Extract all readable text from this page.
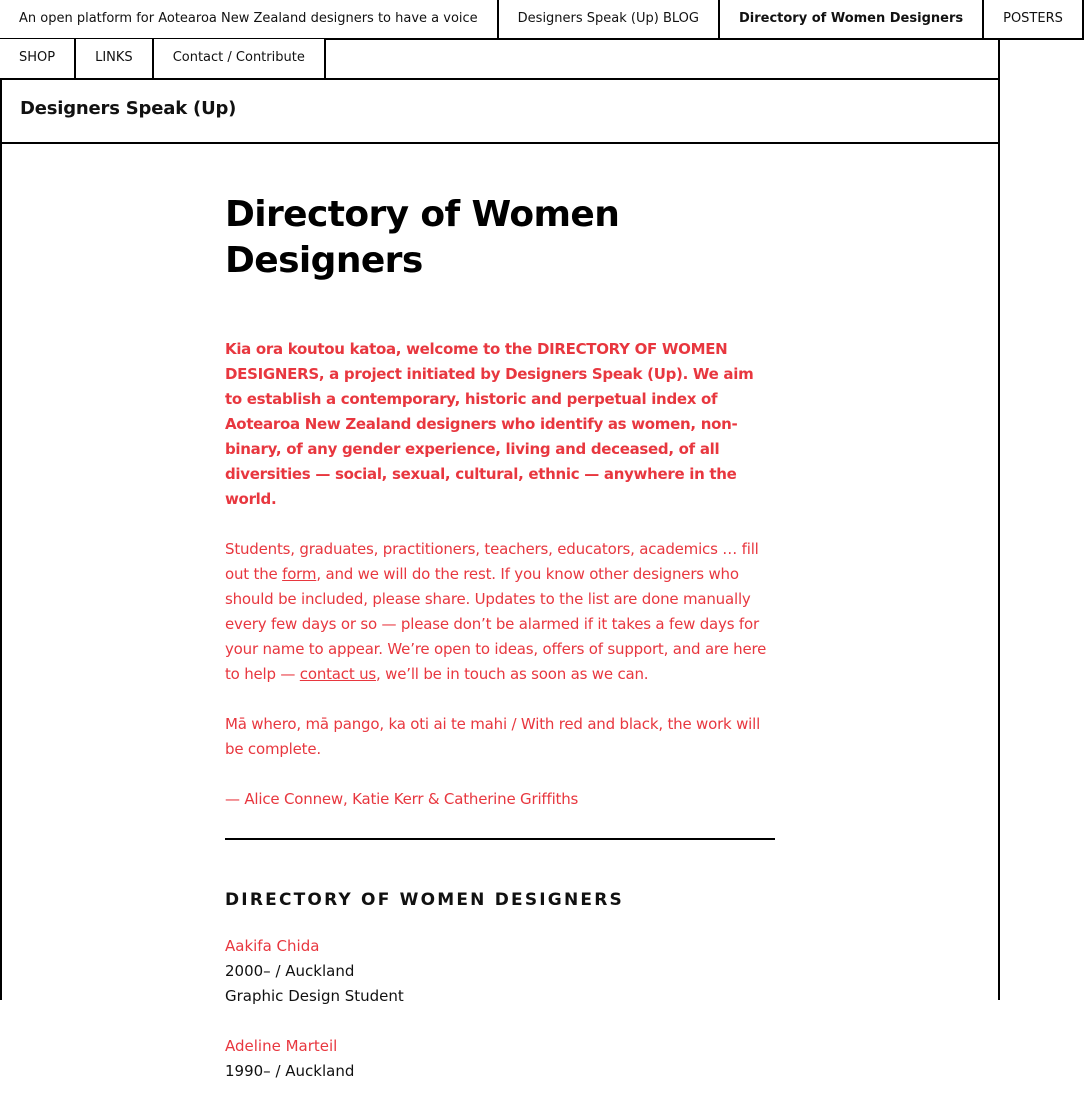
An open platform for Aotearoa New Zealand designers to have a voice	Designers Speak (Up) BLOG	Directory of Women Designers	POSTERS
SHOP	LINKS	Contact / Contribute
Designers Speak (Up)
Directory of Women Designers

Kia ora koutou katoa, welcome to the DIRECTORY OF WOMEN DESIGNERS, a project initiated by Designers Speak (Up). We aim to establish a contemporary, historic and perpetual index of Aotearoa New Zealand designers who identify as women, non-binary, of any gender experience, living and deceased, of all diversities — social, sexual, cultural, ethnic — anywhere in the world.

Students, graduates, practitioners, teachers, educators, academics … fill out the form, and we will do the rest. If you know other designers who should be included, please share. Updates to the list are done manually every few days or so — please don’t be alarmed if it takes a few days for your name to appear. We’re open to ideas, offers of support, and are here to help — contact us, we’ll be in touch as soon as we can.

Mā whero, mā pango, ka oti ai te mahi / With red and black, the work will be complete.

— Alice Connew, Katie Kerr & Catherine Griffiths

DIRECTORY OF WOMEN DESIGNERS
Aakifa Chida
2000– / Auckland
Graphic Design Student
Adeline Marteil
1990– / Auckland
